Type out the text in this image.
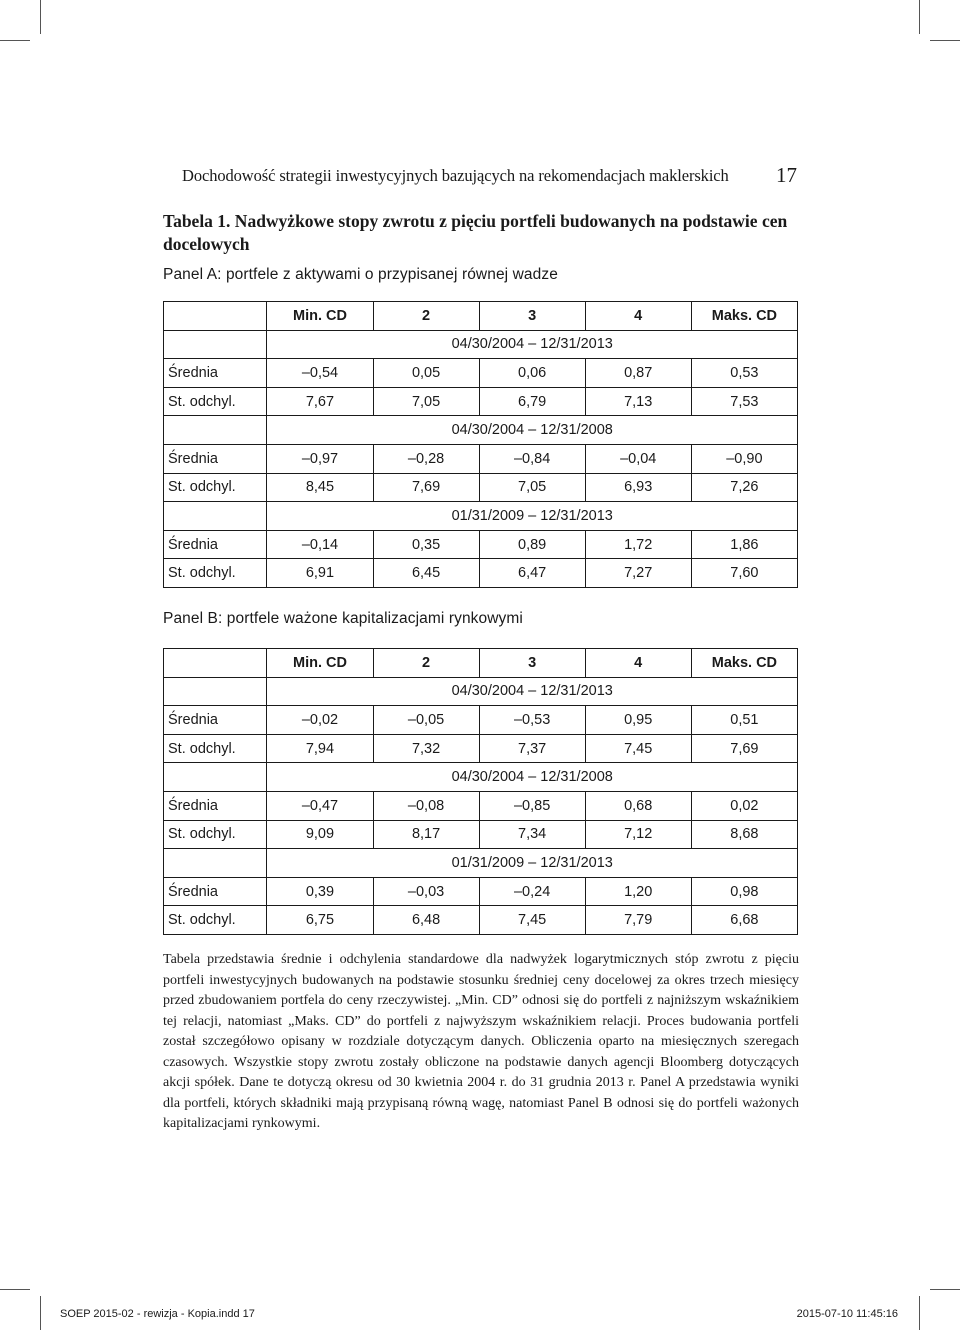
Dochodowość strategii inwestycyjnych bazujących na rekomendacjach maklerskich	17
Tabela 1. Nadwyżkowe stopy zwrotu z pięciu portfeli budowanych na podstawie cen docelowych
Panel A: portfele z aktywami o przypisanej równej wadze
	Min. CD	2	3	4	Maks. CD
	04/30/2004 – 12/31/2013				
Średnia	–0,54	0,05	0,06	0,87	0,53
St. odchyl.	7,67	7,05	6,79	7,13	7,53
	04/30/2004 – 12/31/2008				
Średnia	–0,97	–0,28	–0,84	–0,04	–0,90
St. odchyl.	8,45	7,69	7,05	6,93	7,26
	01/31/2009 – 12/31/2013				
Średnia	–0,14	0,35	0,89	1,72	1,86
St. odchyl.	6,91	6,45	6,47	7,27	7,60
Panel B: portfele ważone kapitalizacjami rynkowymi
	Min. CD	2	3	4	Maks. CD
	04/30/2004 – 12/31/2013				
Średnia	–0,02	–0,05	–0,53	0,95	0,51
St. odchyl.	7,94	7,32	7,37	7,45	7,69
	04/30/2004 – 12/31/2008				
Średnia	–0,47	–0,08	–0,85	0,68	0,02
St. odchyl.	9,09	8,17	7,34	7,12	8,68
	01/31/2009 – 12/31/2013				
Średnia	0,39	–0,03	–0,24	1,20	0,98
St. odchyl.	6,75	6,48	7,45	7,79	6,68

Tabela przedstawia średnie i odchylenia standardowe dla nadwyżek logarytmicznych stóp zwrotu z pięciu portfeli inwestycyjnych budowanych na podstawie stosunku średniej ceny docelowej za okres trzech miesięcy przed zbudowaniem portfela do ceny rzeczywistej. „Min. CD” odnosi się do portfeli z najniższym wskaźnikiem tej relacji, natomiast „Maks. CD” do portfeli z najwyższym wskaźnikiem relacji. Proces budowania portfeli został szczegółowo opisany w rozdziale dotyczącym danych. Obliczenia oparto na miesięcznych szeregach czasowych. Wszystkie stopy zwrotu zostały obliczone na podstawie danych agencji Bloomberg dotyczących akcji spółek. Dane te dotyczą okresu od 30 kwietnia 2004 r. do 31 grudnia 2013 r. Panel A przedstawia wyniki dla portfeli, których składniki mają przypisaną równą wagę, natomiast Panel B odnosi się do portfeli ważonych kapitalizacjami rynkowymi.

SOEP 2015-02 - rewizja - Kopia.indd 17	2015-07-10 11:45:16
